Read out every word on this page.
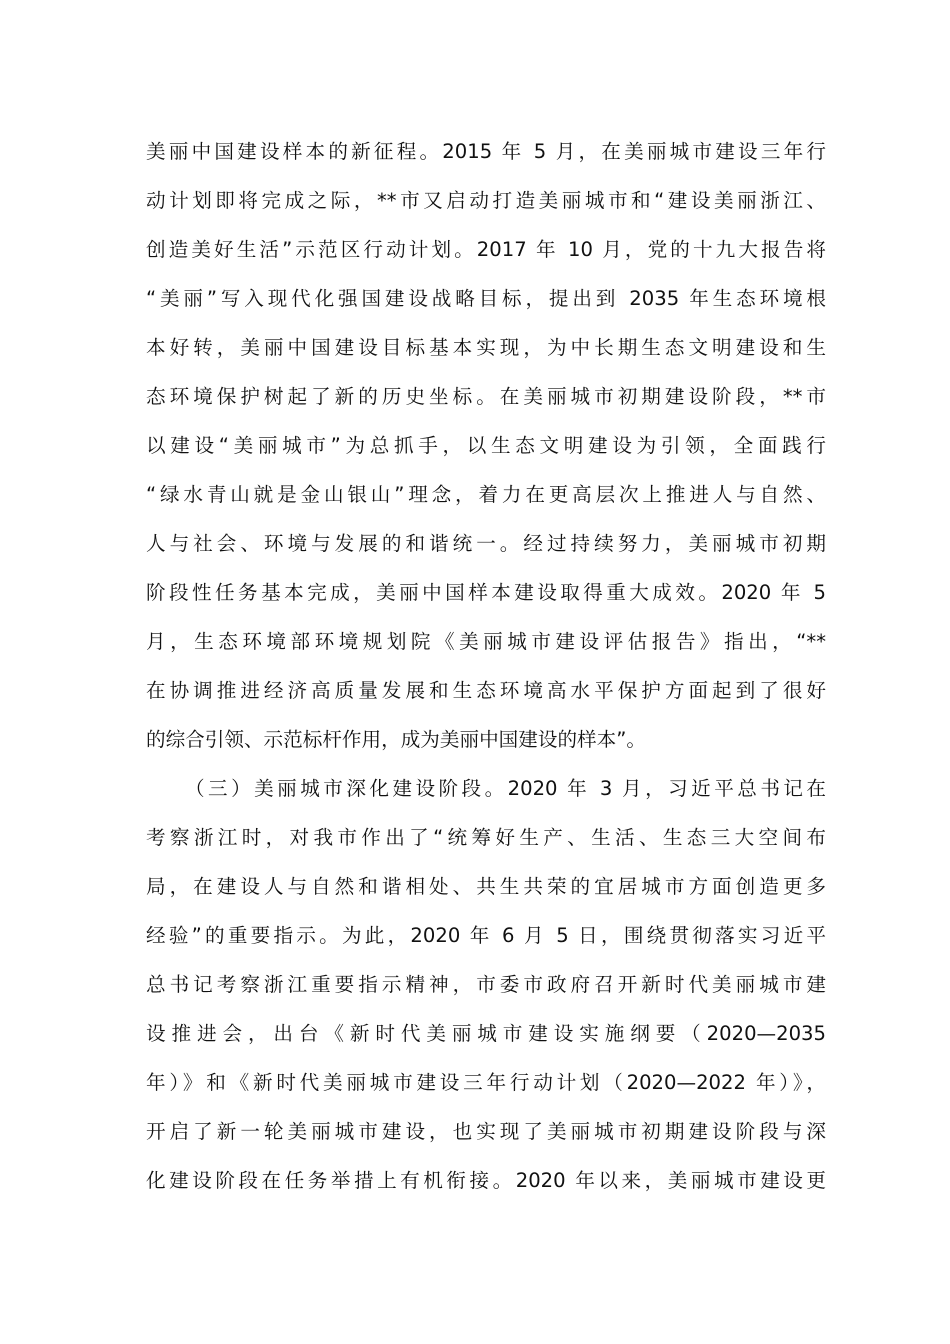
美丽中国建设样本的新征程。2015 年 5 月，在美丽城市建设三年行
动计划即将完成之际，**市又启动打造美丽城市和“建设美丽浙江、
创造美好生活”示范区行动计划。2017 年 10 月，党的十九大报告将
“美丽”写入现代化强国建设战略目标，提出到 2035 年生态环境根
本好转，美丽中国建设目标基本实现，为中长期生态文明建设和生
态环境保护树起了新的历史坐标。在美丽城市初期建设阶段，**市
以建设“美丽城市”为总抓手，以生态文明建设为引领，全面践行
“绿水青山就是金山银山”理念，着力在更高层次上推进人与自然、
人与社会、环境与发展的和谐统一。经过持续努力，美丽城市初期
阶段性任务基本完成，美丽中国样本建设取得重大成效。2020 年 5
月，生态环境部环境规划院《美丽城市建设评估报告》指出，“**
在协调推进经济高质量发展和生态环境高水平保护方面起到了很好
的综合引领、示范标杆作用，成为美丽中国建设的样本”。
（三）美丽城市深化建设阶段。2020 年 3 月，习近平总书记在
考察浙江时，对我市作出了“统筹好生产、生活、生态三大空间布
局，在建设人与自然和谐相处、共生共荣的宜居城市方面创造更多
经验”的重要指示。为此，2020 年 6 月 5 日，围绕贯彻落实习近平
总书记考察浙江重要指示精神，市委市政府召开新时代美丽城市建
设推进会，出台《新时代美丽城市建设实施纲要（2020—2035
年）》和《新时代美丽城市建设三年行动计划（2020—2022 年）》，
开启了新一轮美丽城市建设，也实现了美丽城市初期建设阶段与深
化建设阶段在任务举措上有机衔接。2020 年以来，美丽城市建设更
